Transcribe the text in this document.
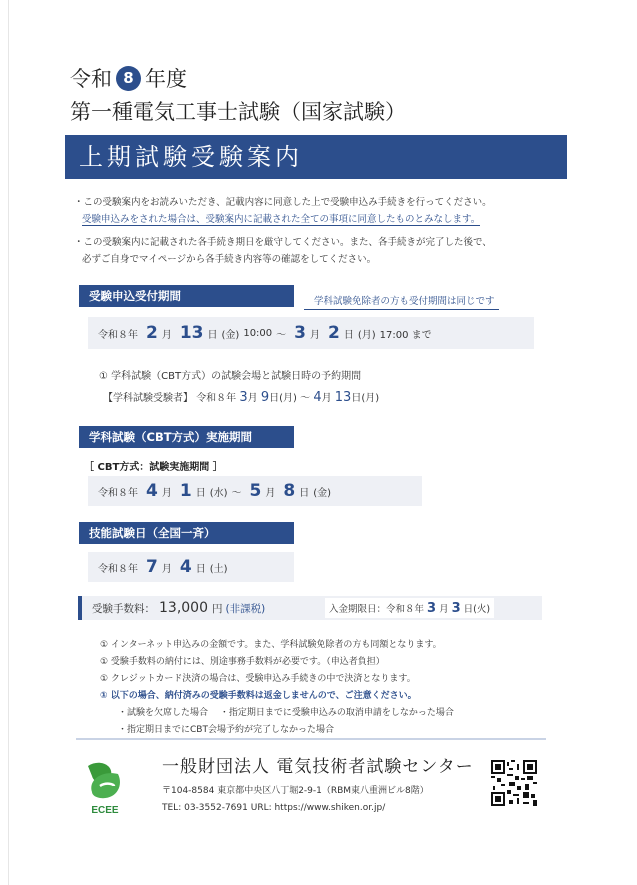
令和 8 年度
第一種電気工事士試験（国家試験）
上期試験受験案内
・この受験案内をお読みいただき、記載内容に同意した上で受験申込み手続きを行ってください。
受験申込みをされた場合は、受験案内に記載された全ての事項に同意したものとみなします。
・この受験案内に記載された各手続き期日を厳守してください。また、各手続きが完了した後で、
必ずご自身でマイページから各手続き内容等の確認をしてください。
受験申込受付期間	学科試験免除者の方も受付期間は同じです
令和８年 2 月 13 日 (金) 10:00 ～ 3 月 2 日 (月) 17:00 まで
① 学科試験（CBT方式）の試験会場と試験日時の予約期間
【学科試験受験者】 令和８年 3月 9日(月) ～ 4月 13日(月)
学科試験（CBT方式）実施期間
［ CBT方式：試験実施期間 ］
令和８年 4 月 1 日 (水) ～ 5 月 8 日 (金)
技能試験日（全国一斉）
令和８年 7 月 4 日 (土)
受験手数料： 13,000 円 (非課税)	入金期限日：令和８年 3 月 3 日 (火)
① インターネット申込みの金額です。また、学科試験免除者の方も同額となります。
① 受験手数料の納付には、別途事務手数料が必要です。（申込者負担）
① クレジットカード決済の場合は、受験申込み手続きの中で決済となります。
① 以下の場合、納付済みの受験手数料は返金しませんので、ご注意ください。
・試験を欠席した場合　 ・指定期日までに受験申込みの取消申請をしなかった場合
・指定期日までにCBT会場予約が完了しなかった場合
ECEE
一般財団法人 電気技術者試験センター
〒104-8584 東京都中央区八丁堀2-9-1（RBM東八重洲ビル8階）
TEL: 03-3552-7691 URL: https://www.shiken.or.jp/
